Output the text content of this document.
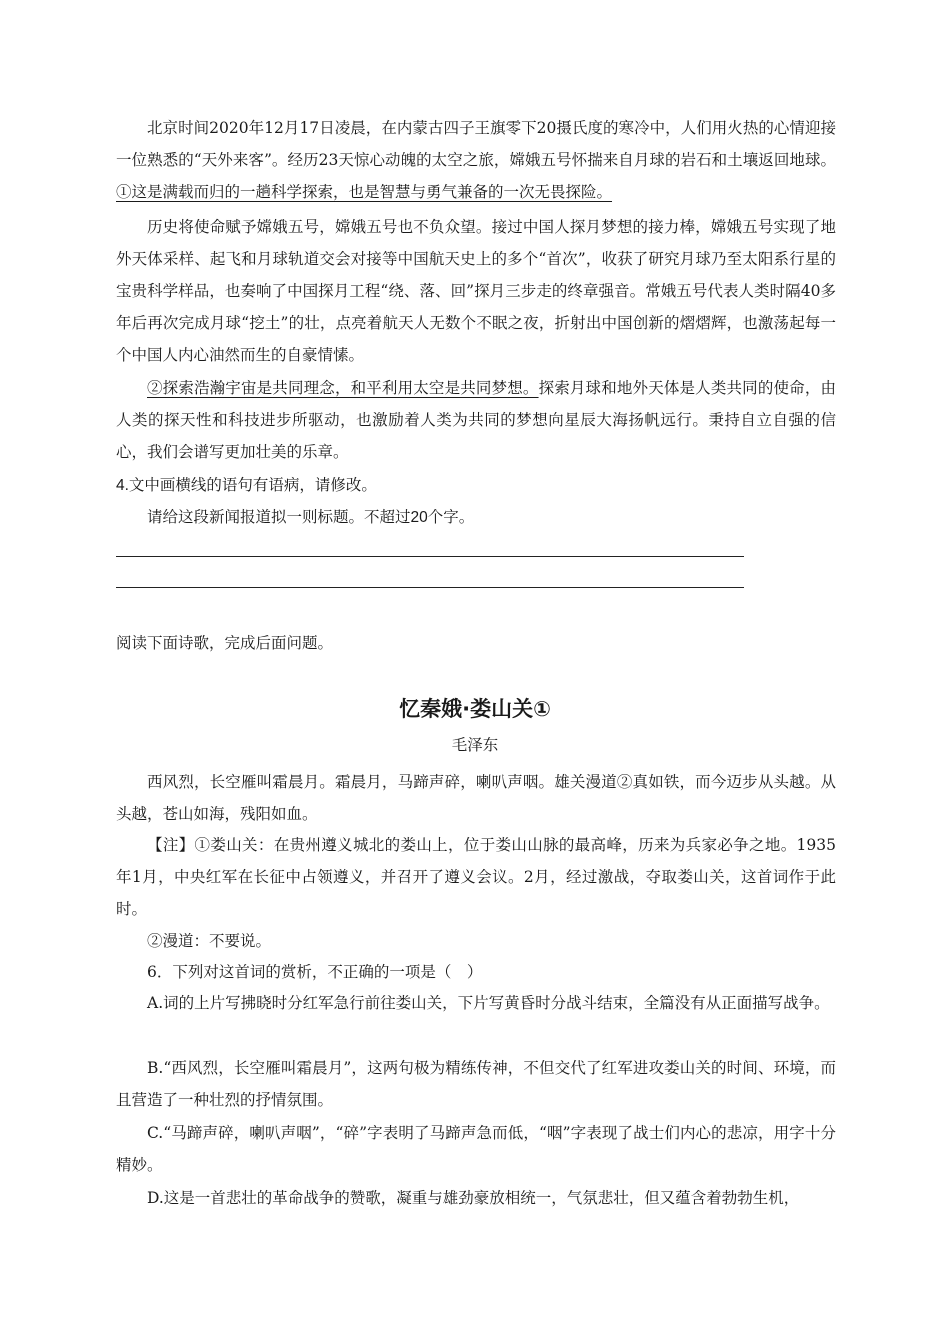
北京时间2020年12月17日凌晨，在内蒙古四子王旗零下20摄氏度的寒冷中，人们用火热的心情迎接一位熟悉的“天外来客”。经历23天惊心动魄的太空之旅，嫦娥五号怀揣来自月球的岩石和土壤返回地球。①这是满载而归的一趟科学探索，也是智慧与勇气兼备的一次无畏探险。
历史将使命赋予嫦娥五号，嫦娥五号也不负众望。接过中国人探月梦想的接力棒，嫦娥五号实现了地外天体采样、起飞和月球轨道交会对接等中国航天史上的多个“首次”，收获了研究月球乃至太阳系行星的宝贵科学样品，也奏响了中国探月工程“绕、落、回”探月三步走的终章强音。常娥五号代表人类时隔40多年后再次完成月球“挖土”的壮，点亮着航天人无数个不眠之夜，折射出中国创新的熠熠辉，也激荡起每一个中国人内心油然而生的自豪情愫。
②探索浩瀚宇宙是共同理念，和平利用太空是共同梦想。探索月球和地外天体是人类共同的使命，由人类的探天性和科技进步所驱动，也激励着人类为共同的梦想向星辰大海扬帆远行。秉持自立自强的信心，我们会谱写更加壮美的乐章。
4.文中画横线的语句有语病，请修改。
请给这段新闻报道拟一则标题。不超过20个字。
阅读下面诗歌，完成后面问题。
忆秦娥·娄山关①
毛泽东
西风烈，长空雁叫霜晨月。霜晨月，马蹄声碎，喇叭声咽。雄关漫道②真如铁，而今迈步从头越。从头越，苍山如海，残阳如血。
【注】①娄山关：在贵州遵义城北的娄山上，位于娄山山脉的最高峰，历来为兵家必争之地。1935年1月，中央红军在长征中占领遵义，并召开了遵义会议。2月，经过激战，夺取娄山关，这首词作于此时。
②漫道：不要说。
6．下列对这首词的赏析，不正确的一项是（　）
A.词的上片写拂晓时分红军急行前往娄山关，下片写黄昏时分战斗结束，全篇没有从正面描写战争。
B.“西风烈，长空雁叫霜晨月”，这两句极为精练传神，不但交代了红军进攻娄山关的时间、环境，而且营造了一种壮烈的抒情氛围。
C.“马蹄声碎，喇叭声咽”，“碎”字表明了马蹄声急而低，“咽”字表现了战士们内心的悲凉，用字十分精妙。
D.这是一首悲壮的革命战争的赞歌，凝重与雄劲豪放相统一，气氛悲壮，但又蕴含着勃勃生机，
